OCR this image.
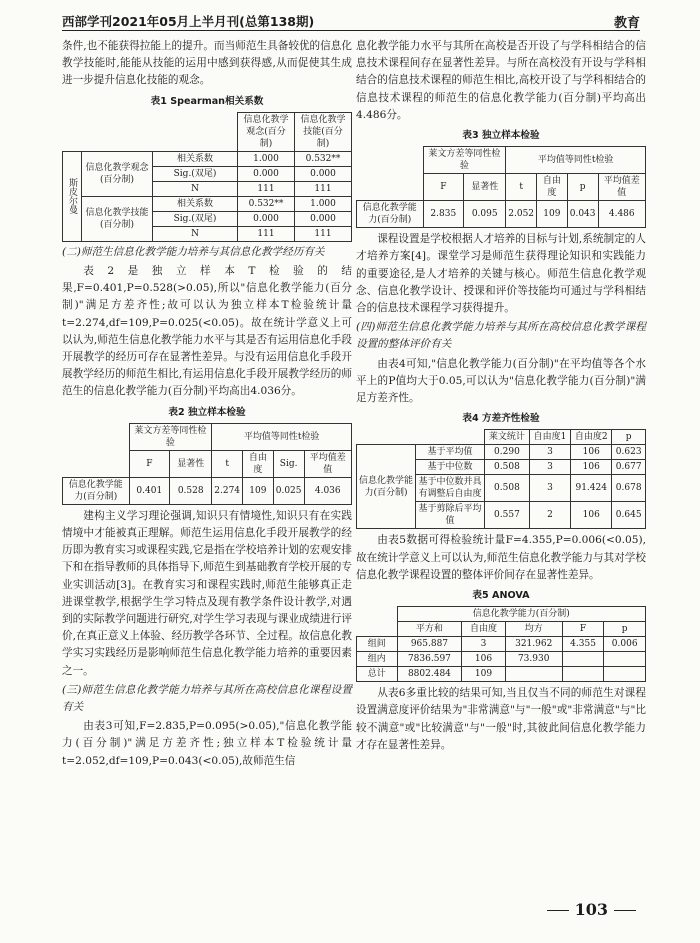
西部学刊2021年05月上半月刊(总第138期)	教育

条件,也不能获得拉能上的提升。而当师范生具备较优的信息化教学技能时,能能从技能的运用中感到获得感,从而促使其生成进一步提升信息化技能的观念。

表1 Spearman相关系数
			信息化教学观念(百分制)	信息化教学技能(百分制)
斯皮尔曼	信息化教学观念(百分制)	相关系数	1.000	0.532**
		Sig.(双尾)	0.000	0.000
		N	111	111
	信息化教学技能(百分制)	相关系数	0.532**	1.000
		Sig.(双尾)	0.000	0.000
		N	111	111

(二)师范生信息化教学能力培养与其信息化教学经历有关

表2是独立样本T检验的结果,F=0.401,P=0.528(>0.05),所以"信息化教学能力(百分制)"满足方差齐性;故可以认为独立样本T检验统计量t=2.274,df=109,P=0.025(<0.05)。故在统计学意义上可以认为,师范生信息化教学能力水平与其是否有运用信息化手段开展教学的经历可存在显著性差异。与没有运用信息化手段开展教学经历的师范生相比,有运用信息化手段开展教学经历的师范生的信息化教学能力(百分制)平均高出4.036分。

表2 独立样本检验
	莱文方差等同性检验		平均值等同性t检验			
	F	显著性	t	自由度	Sig.	平均值差值
信息化教学能力(百分制)	0.401	0.528	2.274	109	0.025	4.036

建构主义学习理论强调,知识只有情境性,知识只有在实践情境中才能被真正理解。师范生运用信息化手段开展教学的经历即为教育实习或课程实践,它是指在学校培养计划的宏观安排下和在指导教师的具体指导下,师范生到基础教育学校开展的专业实训活动[3]。在教育实习和课程实践时,师范生能够真正走进课堂教学,根据学生学习特点及现有教学条件设计教学,对遇到的实际教学问题进行研究,对学生学习表现与课业成绩进行评价,在真正意义上体验、经历教学各环节、全过程。故信息化教学实习实践经历是影响师范生信息化教学能力培养的重要因素之一。

(三)师范生信息化教学能力培养与其所在高校信息化课程设置有关

由表3可知,F=2.835,P=0.095(>0.05),"信息化教学能力(百分制)"满足方差齐性;独立样本T检验统计量t=2.052,df=109,P=0.043(<0.05),故师范生信

息化教学能力水平与其所在高校是否开设了与学科相结合的信息技术课程间存在显著性差异。与所在高校没有开设与学科相结合的信息技术课程的师范生相比,高校开设了与学科相结合的信息技术课程的师范生的信息化教学能力(百分制)平均高出4.486分。

表3 独立样本检验
	莱文方差等同性检验		平均值等同性t检验			
	F	显著性	t	自由度	p	平均值差值
信息化教学能力(百分制)	2.835	0.095	2.052	109	0.043	4.486

课程设置是学校根据人才培养的目标与计划,系统制定的人才培养方案[4]。课堂学习是师范生获得理论知识和实践能力的重要途径,是人才培养的关键与核心。师范生信息化教学观念、信息化教学设计、授课和评价等技能均可通过与学科相结合的信息技术课程学习获得提升。

(四)师范生信息化教学能力培养与其所在高校信息化教学课程设置的整体评价有关

由表4可知,"信息化教学能力(百分制)"在平均值等各个水平上的P值均大于0.05,可以认为"信息化教学能力(百分制)"满足方差齐性。

表4 方差齐性检验
		莱文统计	自由度1	自由度2	p
信息化教学能力(百分制)	基于平均值	0.290	3	106	0.623
	基于中位数	0.508	3	106	0.677
	基于中位数并具有调整后自由度	0.508	3	91.424	0.678
	基于剪除后平均值	0.557	2	106	0.645

由表5数据可得检验统计量F=4.355,P=0.006(<0.05),故在统计学意义上可以认为,师范生信息化教学能力与其对学校信息化教学课程设置的整体评价间存在显著性差异。

表5 ANOVA
	信息化教学能力(百分制)				
	平方和	自由度	均方	F	p
组间	965.887	3	321.962	4.355	0.006
组内	7836.597	106	73.930		
总计	8802.484	109			

从表6多重比较的结果可知,当且仅当不同的师范生对课程设置满意度评价结果为"非常满意"与"一般"或"非常满意"与"比较不满意"或"比较满意"与"一般"时,其彼此间信息化教学能力才存在显著性差异。

103
